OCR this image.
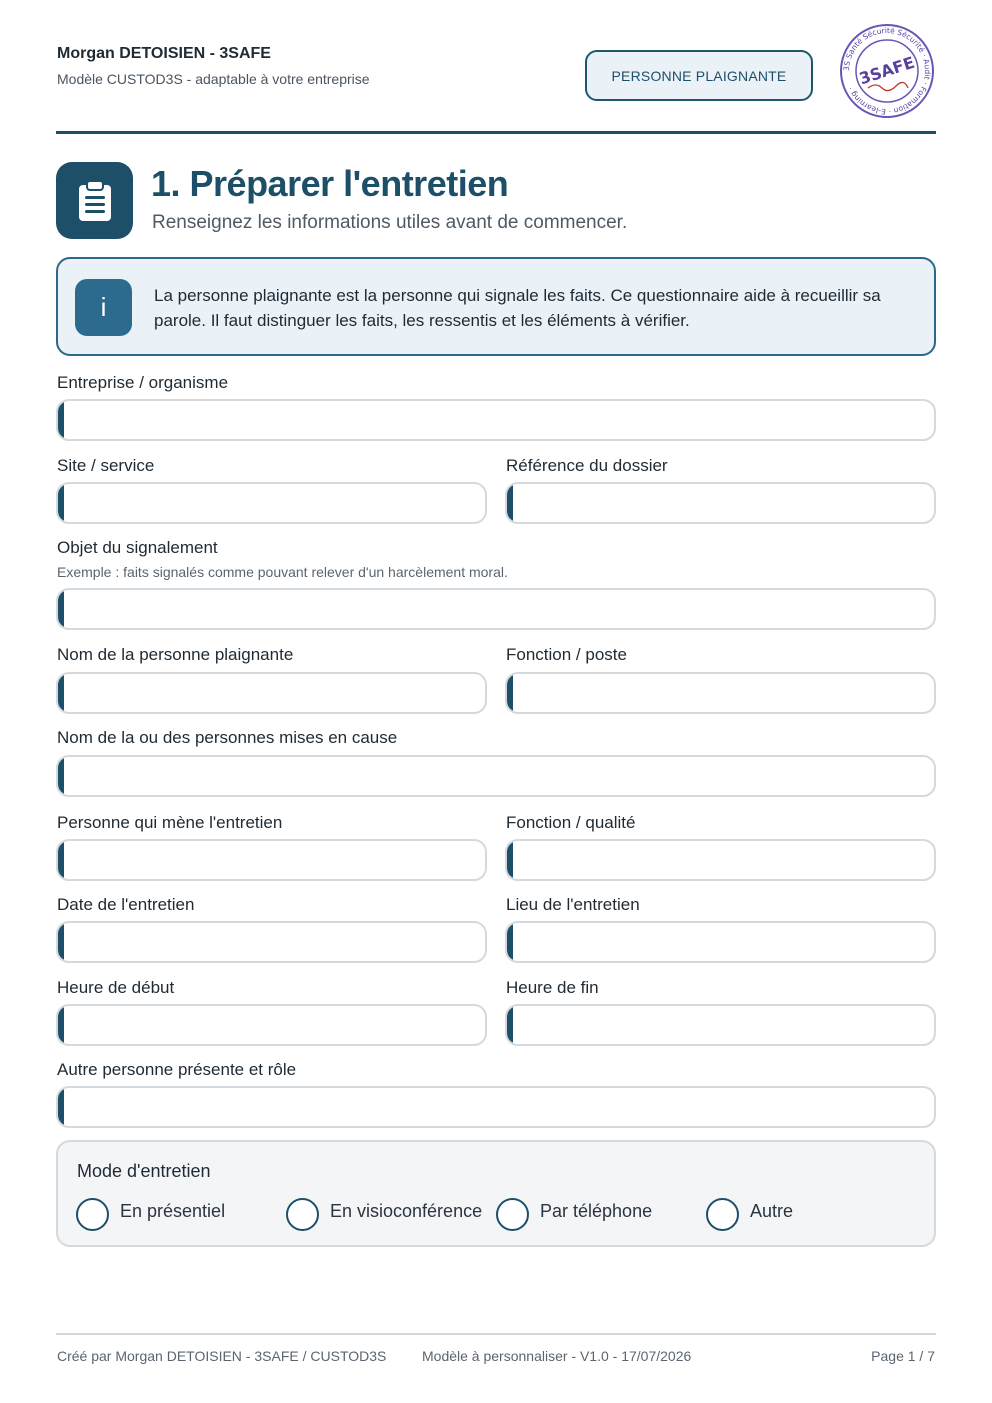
Morgan DETOISIEN - 3SAFE
Modèle CUSTOD3S - adaptable à votre entreprise	PERSONNE PLAIGNANTE	3S Santé Sécurité Sécurité · Audit · Formation · E-learning ·
3SAFE
1. Préparer l'entretien
Renseignez les informations utiles avant de commencer.
i	La personne plaignante est la personne qui signale les faits. Ce questionnaire aide à recueillir sa parole. Il faut distinguer les faits, les ressentis et les éléments à vérifier.
Entreprise / organisme
Site / service	Référence du dossier
Objet du signalement
Exemple : faits signalés comme pouvant relever d'un harcèlement moral.
Nom de la personne plaignante	Fonction / poste
Nom de la ou des personnes mises en cause
Personne qui mène l'entretien	Fonction / qualité
Date de l'entretien	Lieu de l'entretien
Heure de début	Heure de fin
Autre personne présente et rôle
Mode d'entretien
En présentiel	En visioconférence	Par téléphone	Autre
Créé par Morgan DETOISIEN - 3SAFE / CUSTOD3S	Modèle à personnaliser - V1.0 - 17/07/2026	Page 1 / 7
